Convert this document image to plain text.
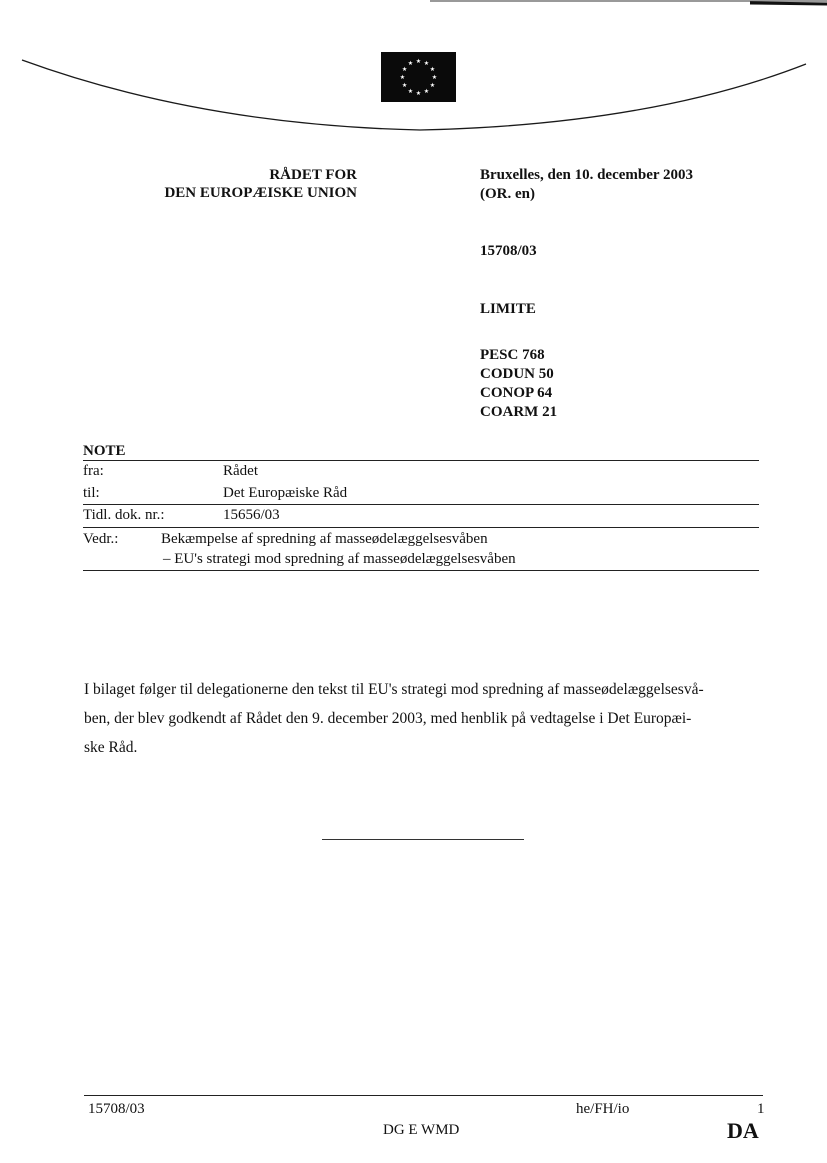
★ ★
★
★
★
★
★
★
★
★
★
★
RÅDET FOR
DEN EUROPÆISKE UNION
Bruxelles, den 10. december 2003
(OR. en)
15708/03
LIMITE
PESC 768
CODUN 50
CONOP 64
COARM 21
NOTE
fra:	Rådet
til:	Det Europæiske Råd
Tidl. dok. nr.:	15656/03
Vedr.:	Bekæmpelse af spredning af masseødelæggelsesvåben
– EU's strategi mod spredning af masseødelæggelsesvåben
I bilaget følger til delegationerne den tekst til EU's strategi mod spredning af masseødelæggelsesvå-
ben, der blev godkendt af Rådet den 9. december 2003, med henblik på vedtagelse i Det Europæi-
ske Råd.
15708/03	he/FH/io	1
DG E WMD	DA
